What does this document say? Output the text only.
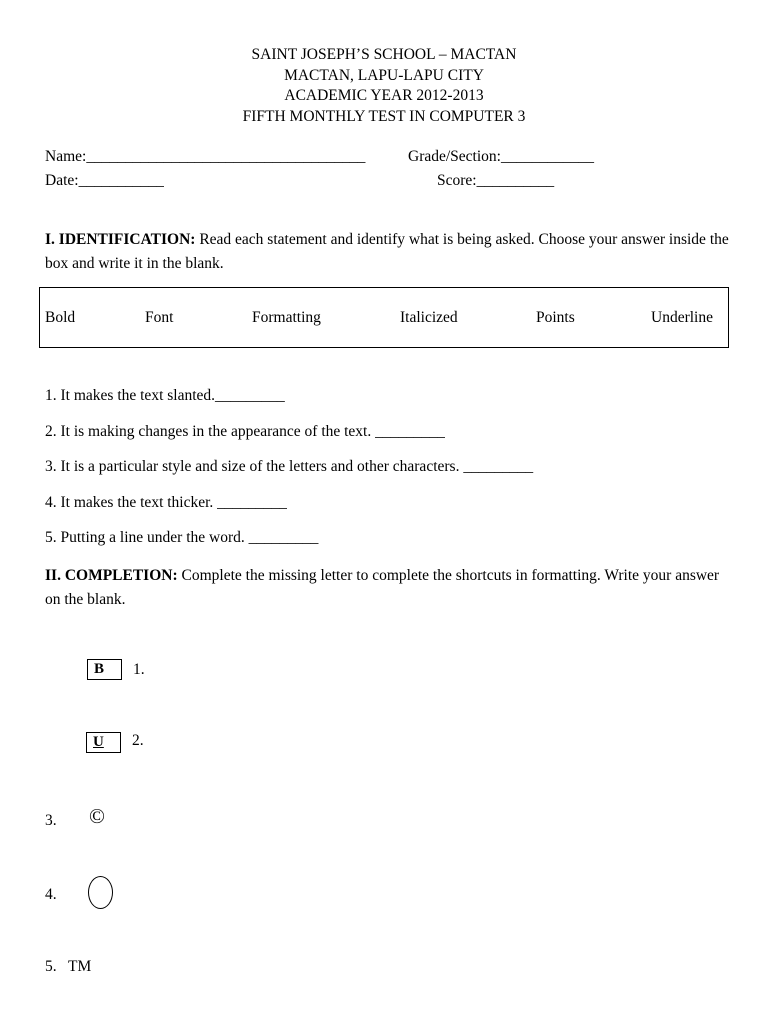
SAINT JOSEPH’S SCHOOL – MACTAN
MACTAN, LAPU-LAPU CITY
ACADEMIC YEAR 2012-2013
FIFTH MONTHLY TEST IN COMPUTER 3
Name:____________________________________	Grade/Section:____________
Date:___________	Score:__________
I. IDENTIFICATION: Read each statement and identify what is being asked. Choose your answer inside the box and write it in the blank.
Bold	Font	Formatting	Italicized	Points	Underline
1. It makes the text slanted._________
2. It is making changes in the appearance of the text. _________
3. It is a particular style and size of the letters and other characters. _________
4. It makes the text thicker. _________
5. Putting a line under the word. _________
II. COMPLETION: Complete the missing letter to complete the shortcuts in formatting. Write your answer on the blank.
B	1.
U	2.
3. ©
4.
5. TM
